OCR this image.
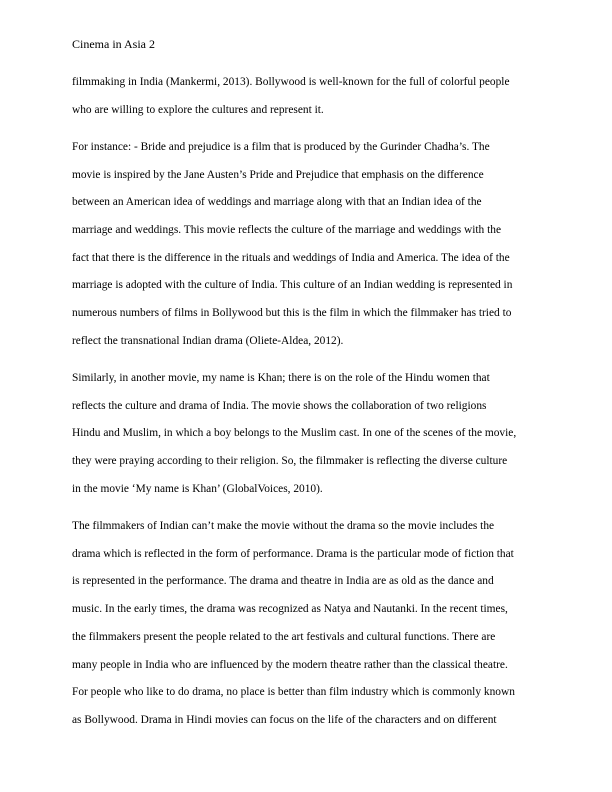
Cinema in Asia 2

filmmaking in India (Mankermi, 2013). Bollywood is well-known for the full of colorful people
who are willing to explore the cultures and represent it.

For instance: - Bride and prejudice is a film that is produced by the Gurinder Chadha’s. The
movie is inspired by the Jane Austen’s Pride and Prejudice that emphasis on the difference
between an American idea of weddings and marriage along with that an Indian idea of the
marriage and weddings. This movie reflects the culture of the marriage and weddings with the
fact that there is the difference in the rituals and weddings of India and America. The idea of the
marriage is adopted with the culture of India. This culture of an Indian wedding is represented in
numerous numbers of films in Bollywood but this is the film in which the filmmaker has tried to
reflect the transnational Indian drama (Oliete-Aldea, 2012).

Similarly, in another movie, my name is Khan; there is on the role of the Hindu women that
reflects the culture and drama of India. The movie shows the collaboration of two religions
Hindu and Muslim, in which a boy belongs to the Muslim cast. In one of the scenes of the movie,
they were praying according to their religion. So, the filmmaker is reflecting the diverse culture
in the movie ‘My name is Khan’ (GlobalVoices, 2010).

The filmmakers of Indian can’t make the movie without the drama so the movie includes the
drama which is reflected in the form of performance. Drama is the particular mode of fiction that
is represented in the performance. The drama and theatre in India are as old as the dance and
music. In the early times, the drama was recognized as Natya and Nautanki. In the recent times,
the filmmakers present the people related to the art festivals and cultural functions. There are
many people in India who are influenced by the modern theatre rather than the classical theatre.
For people who like to do drama, no place is better than film industry which is commonly known
as Bollywood. Drama in Hindi movies can focus on the life of the characters and on different
